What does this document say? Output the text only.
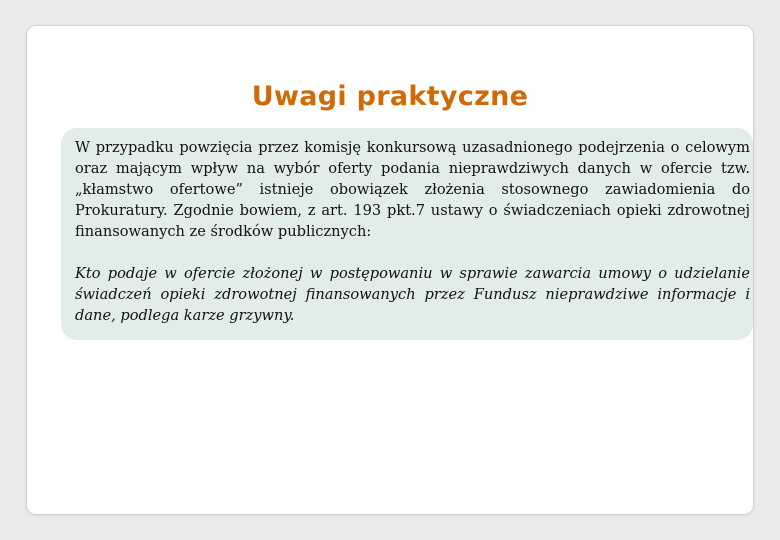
Uwagi praktyczne

W przypadku powzięcia przez komisję konkursową uzasadnionego podejrzenia o celowym oraz mającym wpływ na wybór oferty podania nieprawdziwych danych w ofercie tzw. „kłamstwo ofertowe” istnieje obowiązek złożenia stosownego zawiadomienia do Prokuratury. Zgodnie bowiem, z art. 193 pkt.7 ustawy o świadczeniach opieki zdrowotnej finansowanych ze środków publicznych:

Kto podaje w ofercie złożonej w postępowaniu w sprawie zawarcia umowy o udzielanie świadczeń opieki zdrowotnej finansowanych przez Fundusz nieprawdziwe informacje i dane, podlega karze grzywny.
